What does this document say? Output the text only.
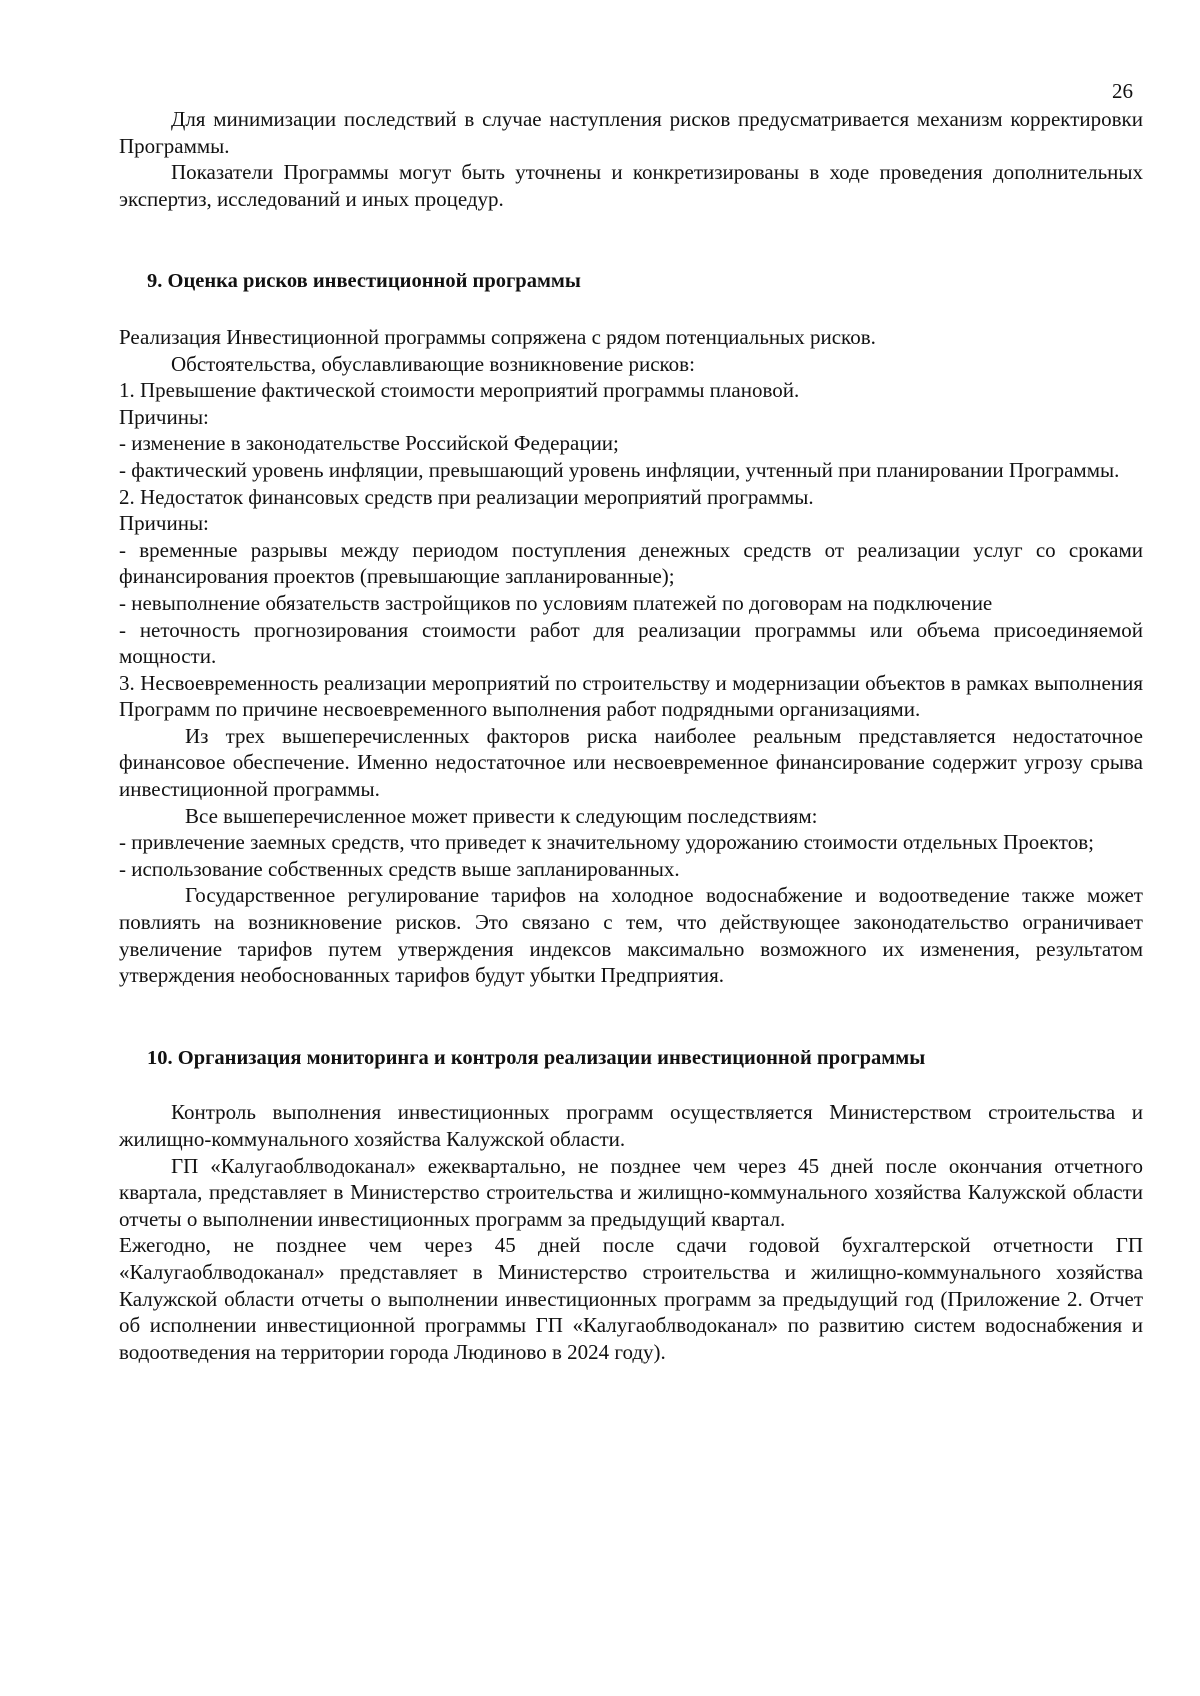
26

Для минимизации последствий в случае наступления рисков предусматривается механизм корректировки Программы.

Показатели Программы могут быть уточнены и конкретизированы в ходе проведения дополнительных экспертиз, исследований и иных процедур.

9. Оценка рисков инвестиционной программы

Реализация Инвестиционной программы сопряжена с рядом потенциальных рисков.

Обстоятельства, обуславливающие возникновение рисков:

1. Превышение фактической стоимости мероприятий программы плановой.

Причины:

- изменение в законодательстве Российской Федерации;

- фактический уровень инфляции, превышающий уровень инфляции, учтенный при планировании Программы.

2. Недостаток финансовых средств при реализации мероприятий программы.

Причины:

- временные разрывы между периодом поступления денежных средств от реализации услуг со сроками финансирования проектов (превышающие запланированные);

- невыполнение обязательств застройщиков по условиям платежей по договорам на подключение

- неточность прогнозирования стоимости работ для реализации программы или объема присоединяемой мощности.

3. Несвоевременность реализации мероприятий по строительству и модернизации объектов в рамках выполнения Программ по причине несвоевременного выполнения работ подрядными организациями.

Из трех вышеперечисленных факторов риска наиболее реальным представляется недостаточное финансовое обеспечение. Именно недостаточное или несвоевременное финансирование содержит угрозу срыва инвестиционной программы.

Все вышеперечисленное может привести к следующим последствиям:

- привлечение заемных средств, что приведет к значительному удорожанию стоимости отдельных Проектов;

- использование собственных средств выше запланированных.

Государственное регулирование тарифов на холодное водоснабжение и водоотведение также может повлиять на возникновение рисков. Это связано с тем, что действующее законодательство ограничивает увеличение тарифов путем утверждения индексов максимально возможного их изменения, результатом утверждения необоснованных тарифов будут убытки Предприятия.

10. Организация мониторинга и контроля реализации инвестиционной программы

Контроль выполнения инвестиционных программ осуществляется Министерством строительства и жилищно-коммунального хозяйства Калужской области.

ГП «Калугаоблводоканал» ежеквартально, не позднее чем через 45 дней после окончания отчетного квартала, представляет в Министерство строительства и жилищно-коммунального хозяйства Калужской области отчеты о выполнении инвестиционных программ за предыдущий квартал.

Ежегодно, не позднее чем через 45 дней после сдачи годовой бухгалтерской отчетности ГП «Калугаоблводоканал» представляет в Министерство строительства и жилищно-коммунального хозяйства Калужской области отчеты о выполнении инвестиционных программ за предыдущий год (Приложение 2. Отчет об исполнении инвестиционной программы ГП «Калугаоблводоканал» по развитию систем водоснабжения и водоотведения на территории города Людиново в 2024 году).
